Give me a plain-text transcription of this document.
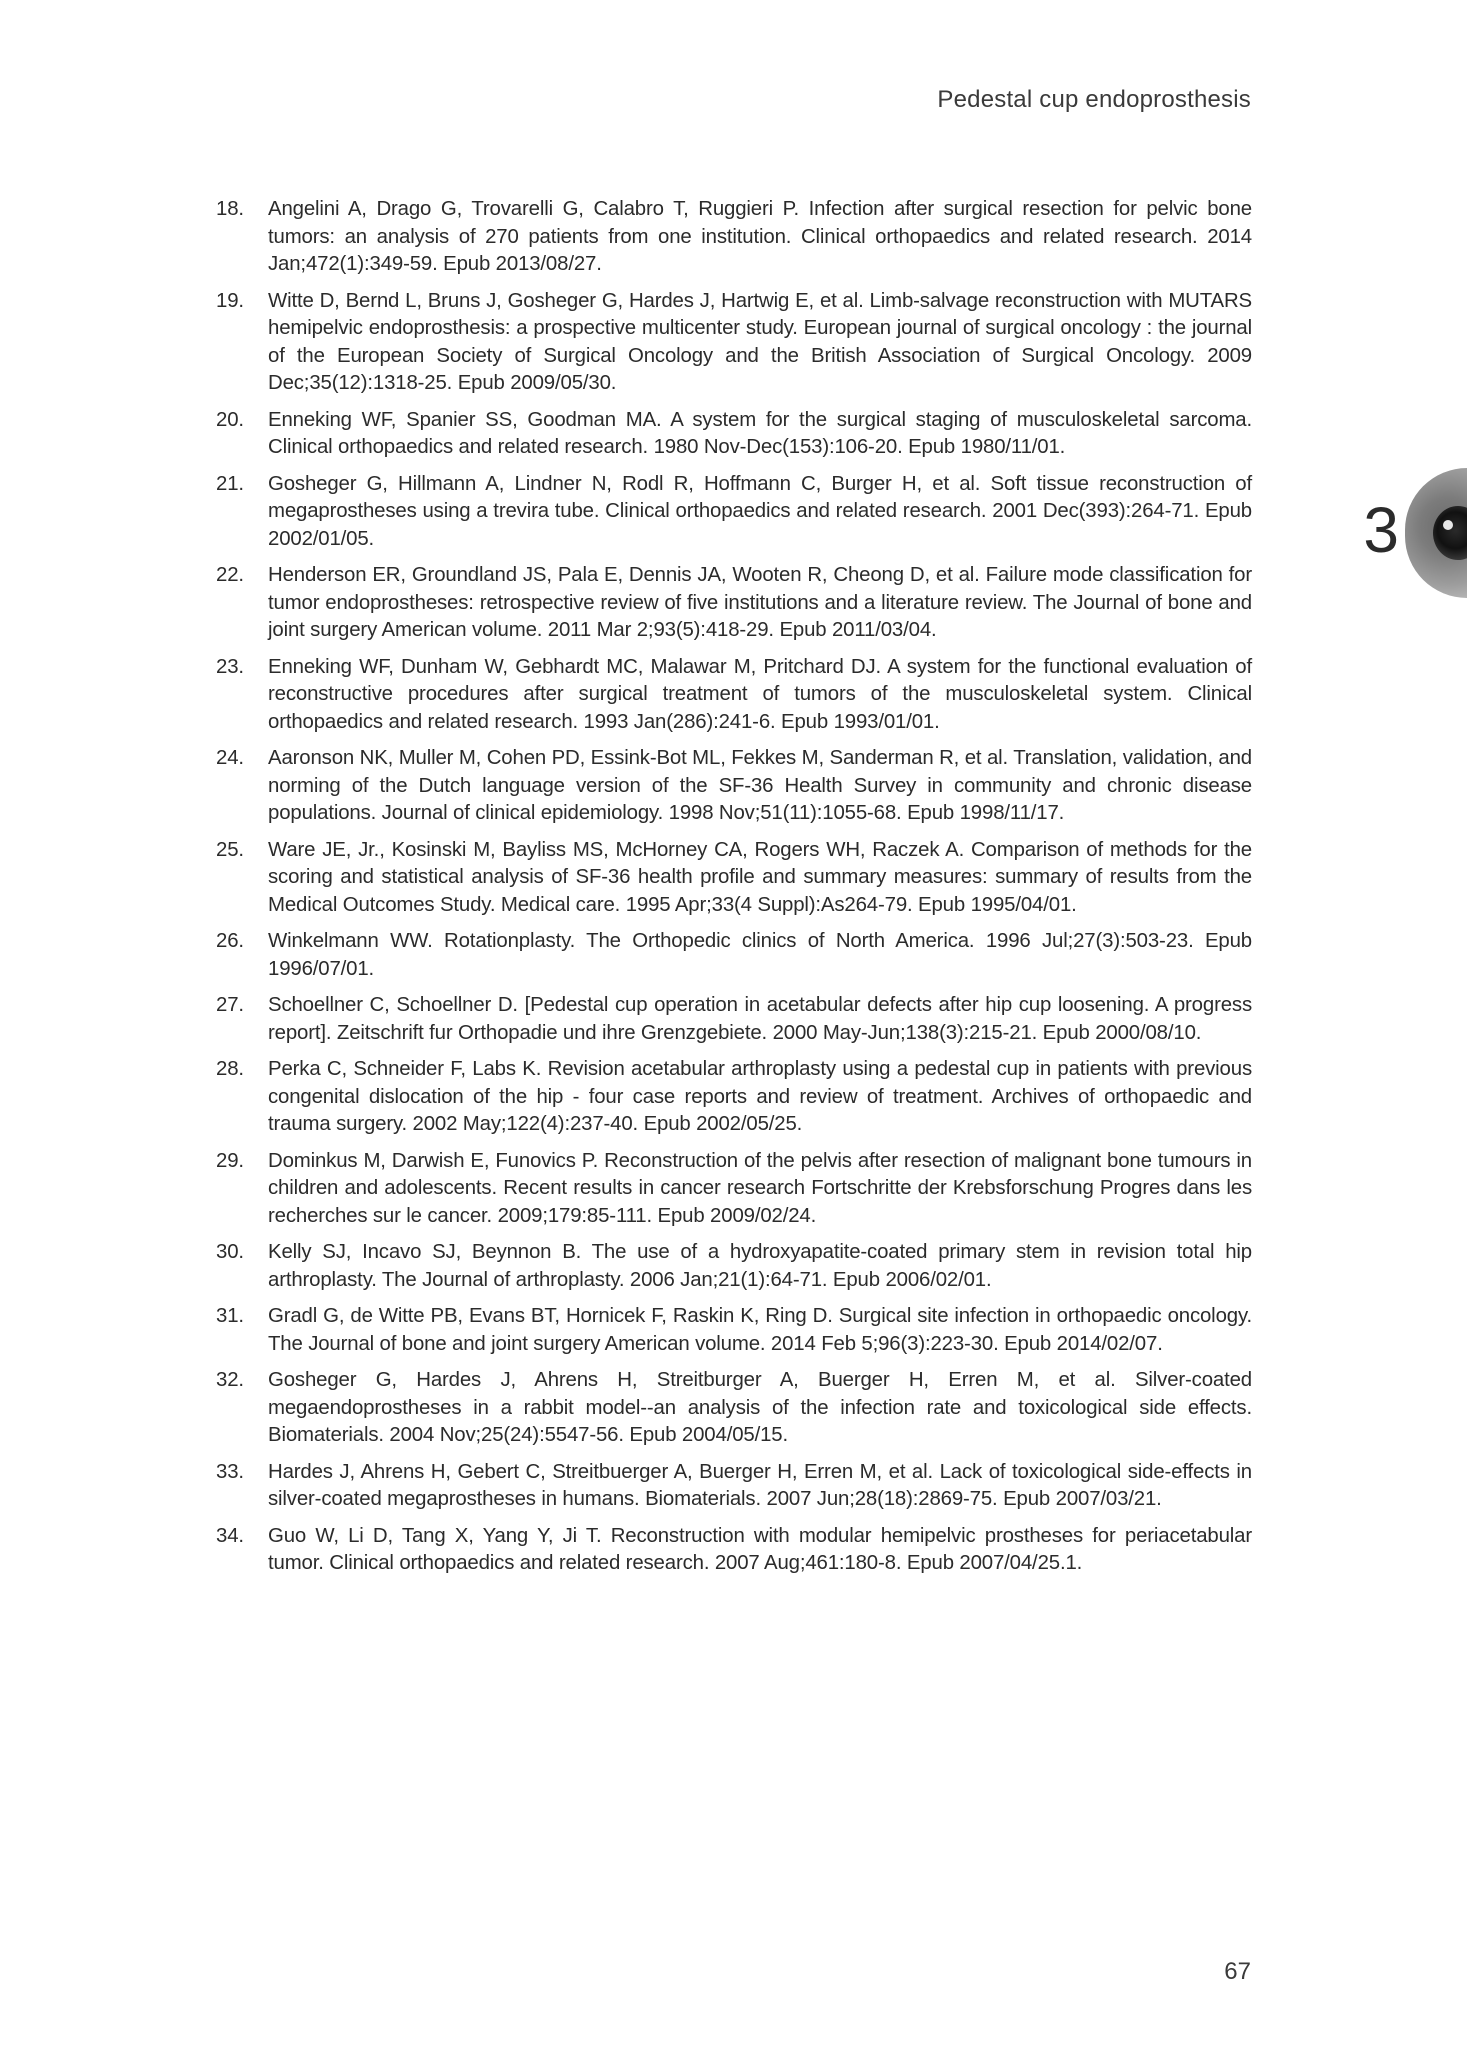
Pedestal cup endoprosthesis
3
18.	Angelini A, Drago G, Trovarelli G, Calabro T, Ruggieri P. Infection after surgical resection for pelvic bone tumors: an analysis of 270 patients from one institution. Clinical orthopaedics and related research. 2014 Jan;472(1):349-59. Epub 2013/08/27.
19.	Witte D, Bernd L, Bruns J, Gosheger G, Hardes J, Hartwig E, et al. Limb-salvage reconstruction with MUTARS hemipelvic endoprosthesis: a prospective multicenter study. European journal of surgical oncology : the journal of the European Society of Surgical Oncology and the British Association of Surgical Oncology. 2009 Dec;35(12):1318-25. Epub 2009/05/30.
20.	Enneking WF, Spanier SS, Goodman MA. A system for the surgical staging of musculoskeletal sarcoma. Clinical orthopaedics and related research. 1980 Nov-Dec(153):106-20. Epub 1980/11/01.
21.	Gosheger G, Hillmann A, Lindner N, Rodl R, Hoffmann C, Burger H, et al. Soft tissue reconstruction of megaprostheses using a trevira tube. Clinical orthopaedics and related research. 2001 Dec(393):264-71. Epub 2002/01/05.
22.	Henderson ER, Groundland JS, Pala E, Dennis JA, Wooten R, Cheong D, et al. Failure mode classification for tumor endoprostheses: retrospective review of five institutions and a literature review. The Journal of bone and joint surgery American volume. 2011 Mar 2;93(5):418-29. Epub 2011/03/04.
23.	Enneking WF, Dunham W, Gebhardt MC, Malawar M, Pritchard DJ. A system for the functional evaluation of reconstructive procedures after surgical treatment of tumors of the musculoskeletal system. Clinical orthopaedics and related research. 1993 Jan(286):241-6. Epub 1993/01/01.
24.	Aaronson NK, Muller M, Cohen PD, Essink-Bot ML, Fekkes M, Sanderman R, et al. Translation, validation, and norming of the Dutch language version of the SF-36 Health Survey in community and chronic disease populations. Journal of clinical epidemiology. 1998 Nov;51(11):1055-68. Epub 1998/11/17.
25.	Ware JE, Jr., Kosinski M, Bayliss MS, McHorney CA, Rogers WH, Raczek A. Comparison of methods for the scoring and statistical analysis of SF-36 health profile and summary measures: summary of results from the Medical Outcomes Study. Medical care. 1995 Apr;33(4 Suppl):As264-79. Epub 1995/04/01.
26.	Winkelmann WW. Rotationplasty. The Orthopedic clinics of North America. 1996 Jul;27(3):503-23. Epub 1996/07/01.
27.	Schoellner C, Schoellner D. [Pedestal cup operation in acetabular defects after hip cup loosening. A progress report]. Zeitschrift fur Orthopadie und ihre Grenzgebiete. 2000 May-Jun;138(3):215-21. Epub 2000/08/10.
28.	Perka C, Schneider F, Labs K. Revision acetabular arthroplasty using a pedestal cup in patients with previous congenital dislocation of the hip - four case reports and review of treatment. Archives of orthopaedic and trauma surgery. 2002 May;122(4):237-40. Epub 2002/05/25.
29.	Dominkus M, Darwish E, Funovics P. Reconstruction of the pelvis after resection of malignant bone tumours in children and adolescents. Recent results in cancer research Fortschritte der Krebsforschung Progres dans les recherches sur le cancer. 2009;179:85-111. Epub 2009/02/24.
30.	Kelly SJ, Incavo SJ, Beynnon B. The use of a hydroxyapatite-coated primary stem in revision total hip arthroplasty. The Journal of arthroplasty. 2006 Jan;21(1):64-71. Epub 2006/02/01.
31.	Gradl G, de Witte PB, Evans BT, Hornicek F, Raskin K, Ring D. Surgical site infection in orthopaedic oncology. The Journal of bone and joint surgery American volume. 2014 Feb 5;96(3):223-30. Epub 2014/02/07.
32.	Gosheger G, Hardes J, Ahrens H, Streitburger A, Buerger H, Erren M, et al. Silver-coated megaendoprostheses in a rabbit model--an analysis of the infection rate and toxicological side effects. Biomaterials. 2004 Nov;25(24):5547-56. Epub 2004/05/15.
33.	Hardes J, Ahrens H, Gebert C, Streitbuerger A, Buerger H, Erren M, et al. Lack of toxicological side-effects in silver-coated megaprostheses in humans. Biomaterials. 2007 Jun;28(18):2869-75. Epub 2007/03/21.
34.	Guo W, Li D, Tang X, Yang Y, Ji T. Reconstruction with modular hemipelvic prostheses for periacetabular tumor. Clinical orthopaedics and related research. 2007 Aug;461:180-8. Epub 2007/04/25.1.
67
